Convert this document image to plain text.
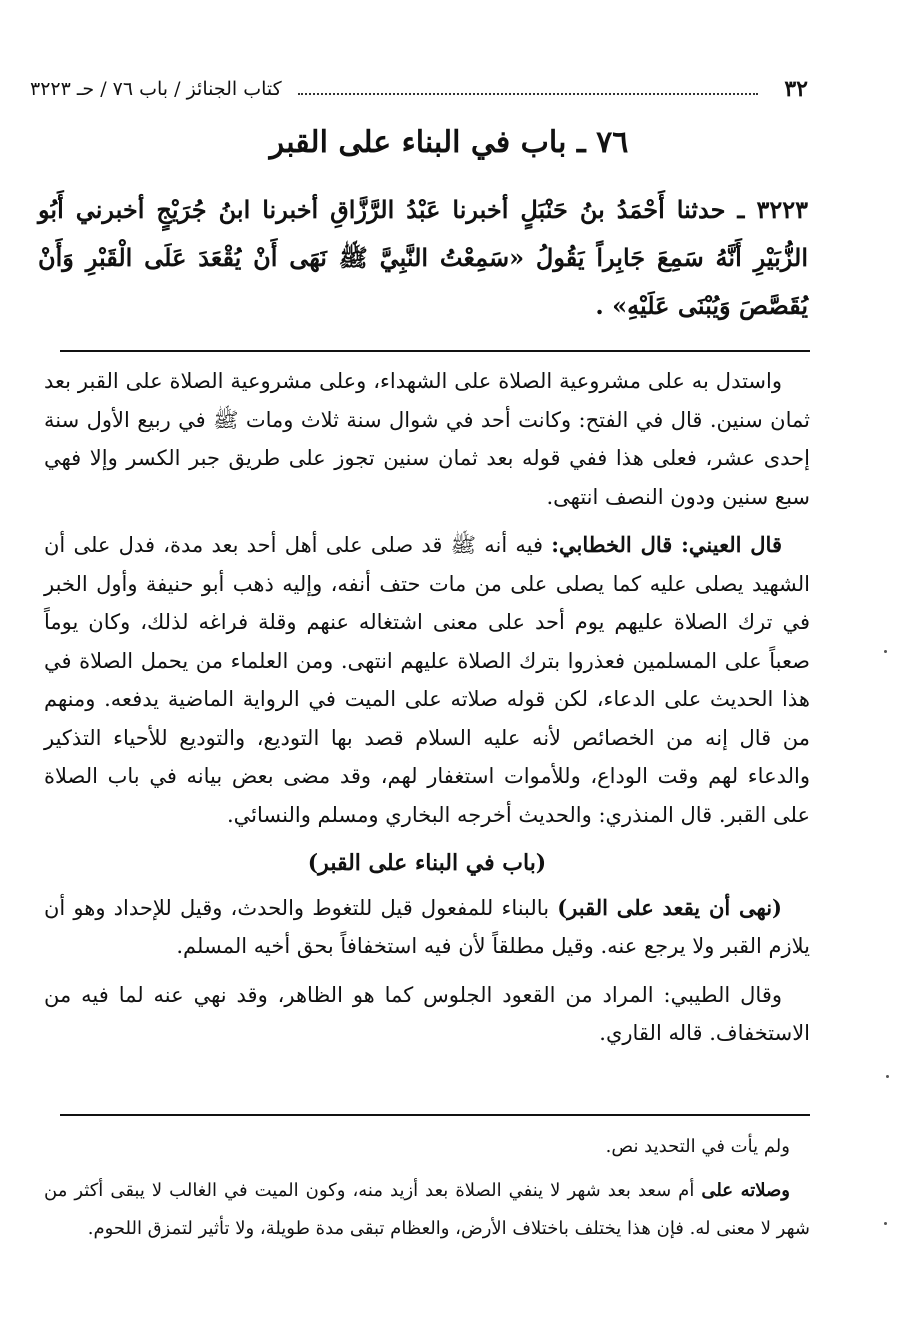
٣٢
كتاب الجنائز / باب ٧٦ / حـ ٣٢٢٣
٧٦ ـ باب في البناء على القبر
٣٢٢٣ ـ حدثنا أَحْمَدُ بنُ حَنْبَلٍ أخبرنا عَبْدُ الرَّزَّاقِ أخبرنا ابنُ جُرَيْجٍ أخبرني أَبُو الزُّبَيْرِ أَنَّهُ سَمِعَ جَابِراً يَقُولُ «سَمِعْتُ النَّبِيَّ ﷺ نَهَى أَنْ يُقْعَدَ عَلَى الْقَبْرِ وَأَنْ يُقَصَّصَ وَيُبْنَى عَلَيْهِ» .

واستدل به على مشروعية الصلاة على الشهداء، وعلى مشروعية الصلاة على القبر بعد ثمان سنين. قال في الفتح: وكانت أحد في شوال سنة ثلاث ومات ﷺ في ربيع الأول سنة إحدى عشر، فعلى هذا ففي قوله بعد ثمان سنين تجوز على طريق جبر الكسر وإلا فهي سبع سنين ودون النصف انتهى.

قال العيني: قال الخطابي: فيه أنه ﷺ قد صلى على أهل أحد بعد مدة، فدل على أن الشهيد يصلى عليه كما يصلى على من مات حتف أنفه، وإليه ذهب أبو حنيفة وأول الخبر في ترك الصلاة عليهم يوم أحد على معنى اشتغاله عنهم وقلة فراغه لذلك، وكان يوماً صعباً على المسلمين فعذروا بترك الصلاة عليهم انتهى. ومن العلماء من يحمل الصلاة في هذا الحديث على الدعاء، لكن قوله صلاته على الميت في الرواية الماضية يدفعه. ومنهم من قال إنه من الخصائص لأنه عليه السلام قصد بها التوديع، والتوديع للأحياء التذكير والدعاء لهم وقت الوداع، وللأموات استغفار لهم، وقد مضى بعض بيانه في باب الصلاة على القبر. قال المنذري: والحديث أخرجه البخاري ومسلم والنسائي.

(باب في البناء على القبر)

(نهى أن يقعد على القبر) بالبناء للمفعول قيل للتغوط والحدث، وقيل للإحداد وهو أن يلازم القبر ولا يرجع عنه. وقيل مطلقاً لأن فيه استخفافاً بحق أخيه المسلم.

وقال الطيبي: المراد من القعود الجلوس كما هو الظاهر، وقد نهي عنه لما فيه من الاستخفاف. قاله القاري.

ولم يأت في التحديد نص.

وصلاته على أم سعد بعد شهر لا ينفي الصلاة بعد أزيد منه، وكون الميت في الغالب لا يبقى أكثر من شهر لا معنى له. فإن هذا يختلف باختلاف الأرض، والعظام تبقى مدة طويلة، ولا تأثير لتمزق اللحوم.
